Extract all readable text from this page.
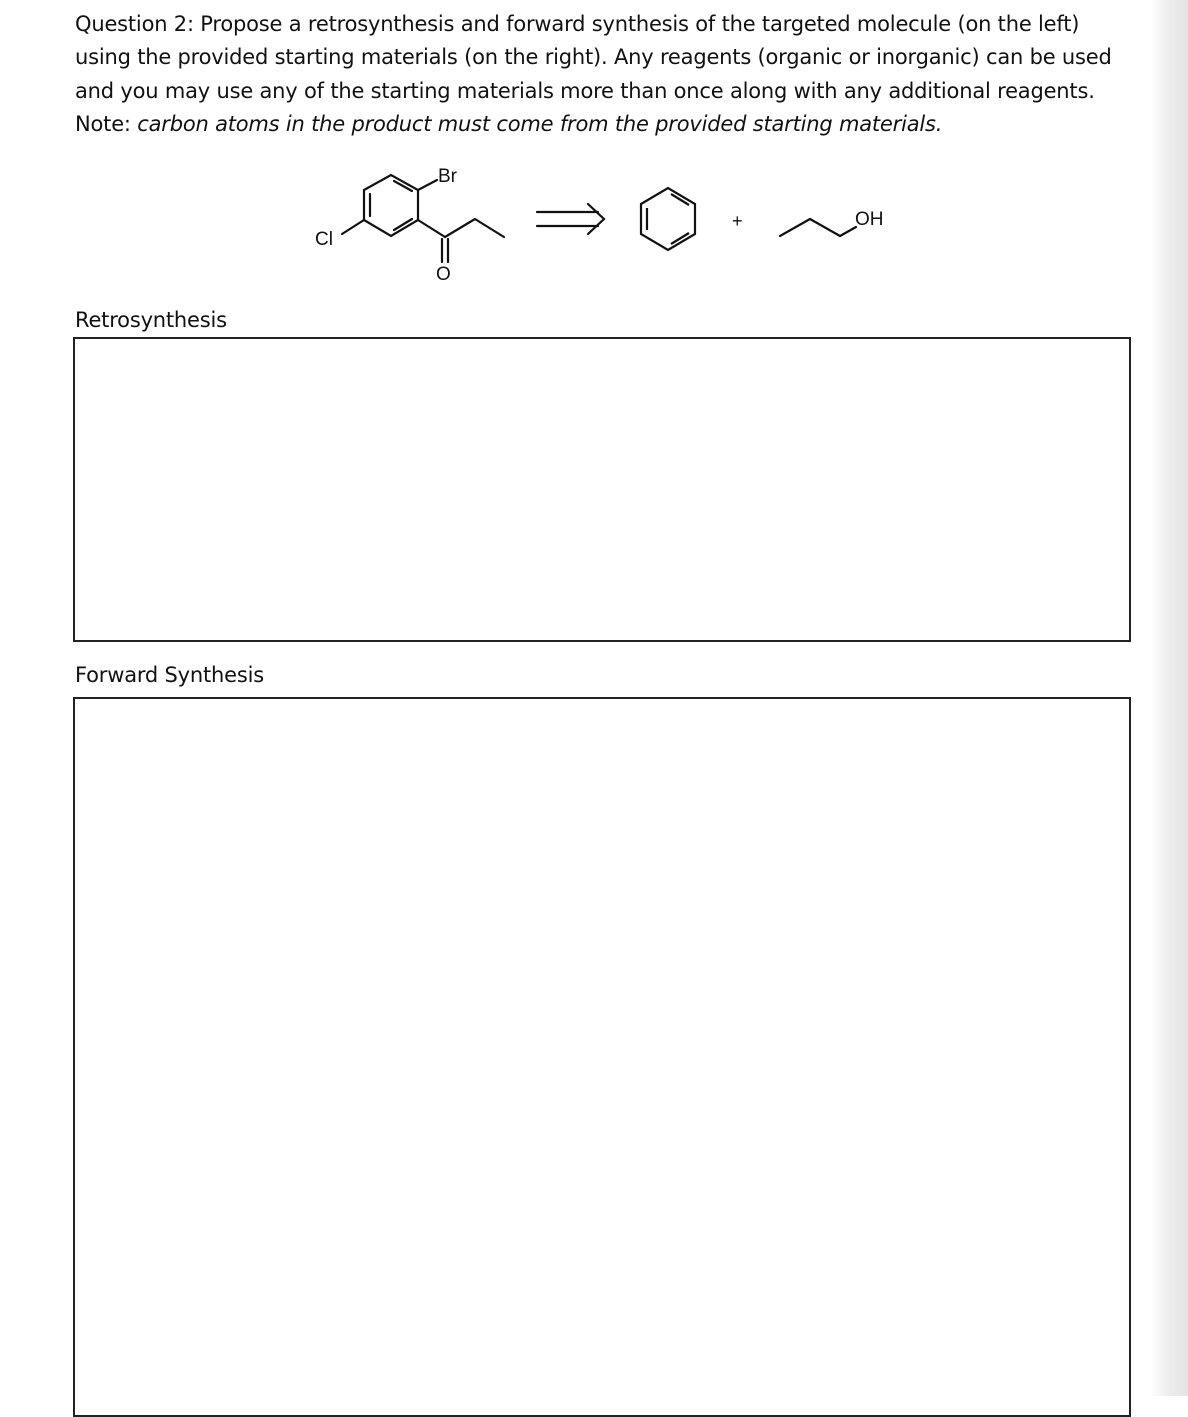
Question 2: Propose a retrosynthesis and forward synthesis of the targeted molecule (on the left) using the provided starting materials (on the right). Any reagents (organic or inorganic) can be used and you may use any of the starting materials more than once along with any additional reagents. Note: carbon atoms in the product must come from the provided starting materials.
Br
Cl
O
+	OH
Retrosynthesis
Forward Synthesis
